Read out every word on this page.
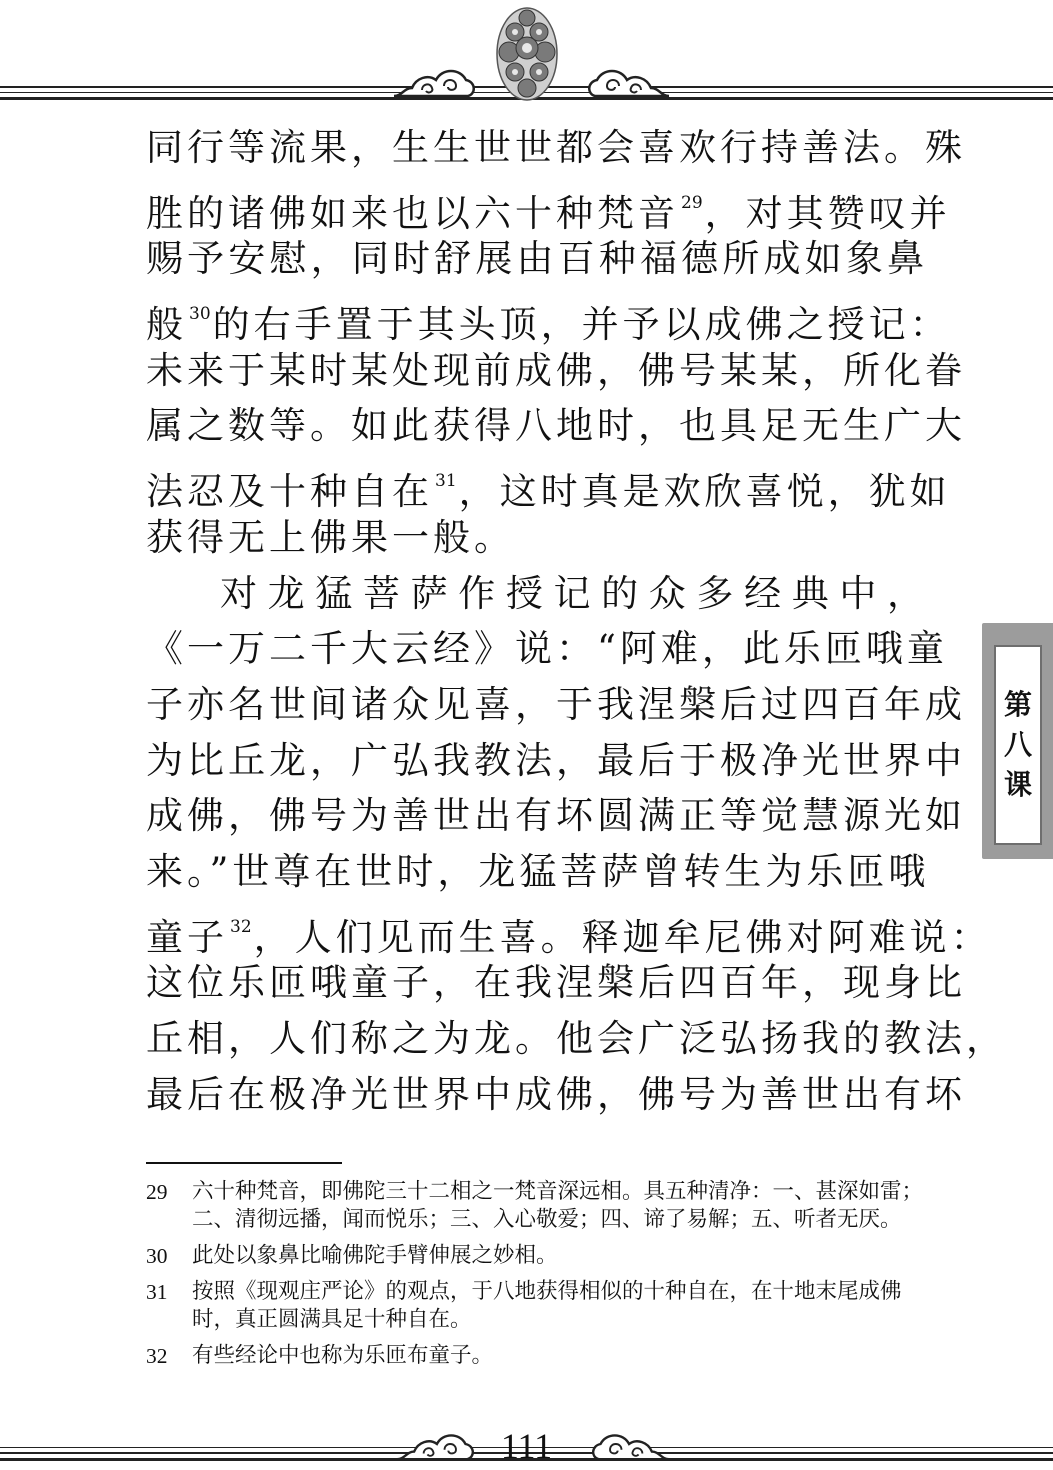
同行等流果，生生世世都会喜欢行持善法。殊
胜的诸佛如来也以六十种梵音 $^{29}$，对其赞叹并
赐予安慰，同时舒展由百种福德所成如象鼻
般 $^{30}$的右手置于其头顶，并予以成佛之授记：
未来于某时某处现前成佛，佛号某某，所化眷
属之数等。如此获得八地时，也具足无生广大
法忍及十种自在 $^{31}$，这时真是欢欣喜悦，犹如
获得无上佛果一般。
对龙猛菩萨作授记的众多经典中，
《一万二千大云经》说：“阿难，此乐匝哦童
子亦名世间诸众见喜，于我涅槃后过四百年成
为比丘龙，广弘我教法，最后于极净光世界中
成佛，佛号为善世出有坏圆满正等觉慧源光如
来。”世尊在世时，龙猛菩萨曾转生为乐匝哦
童子 $^{32}$，人们见而生喜。释迦牟尼佛对阿难说：
这位乐匝哦童子，在我涅槃后四百年，现身比
丘相，人们称之为龙。他会广泛弘扬我的教法，
最后在极净光世界中成佛，佛号为善世出有坏
29	六十种梵音，即佛陀三十二相之一梵音深远相。具五种清净：一、甚深如雷；二、清彻远播，闻而悦乐；三、入心敬爱；四、谛了易解；五、听者无厌。
30	此处以象鼻比喻佛陀手臂伸展之妙相。
31	按照《现观庄严论》的观点，于八地获得相似的十种自在，在十地末尾成佛时，真正圆满具足十种自在。
32	有些经论中也称为乐匝布童子。
第
八
课
111
